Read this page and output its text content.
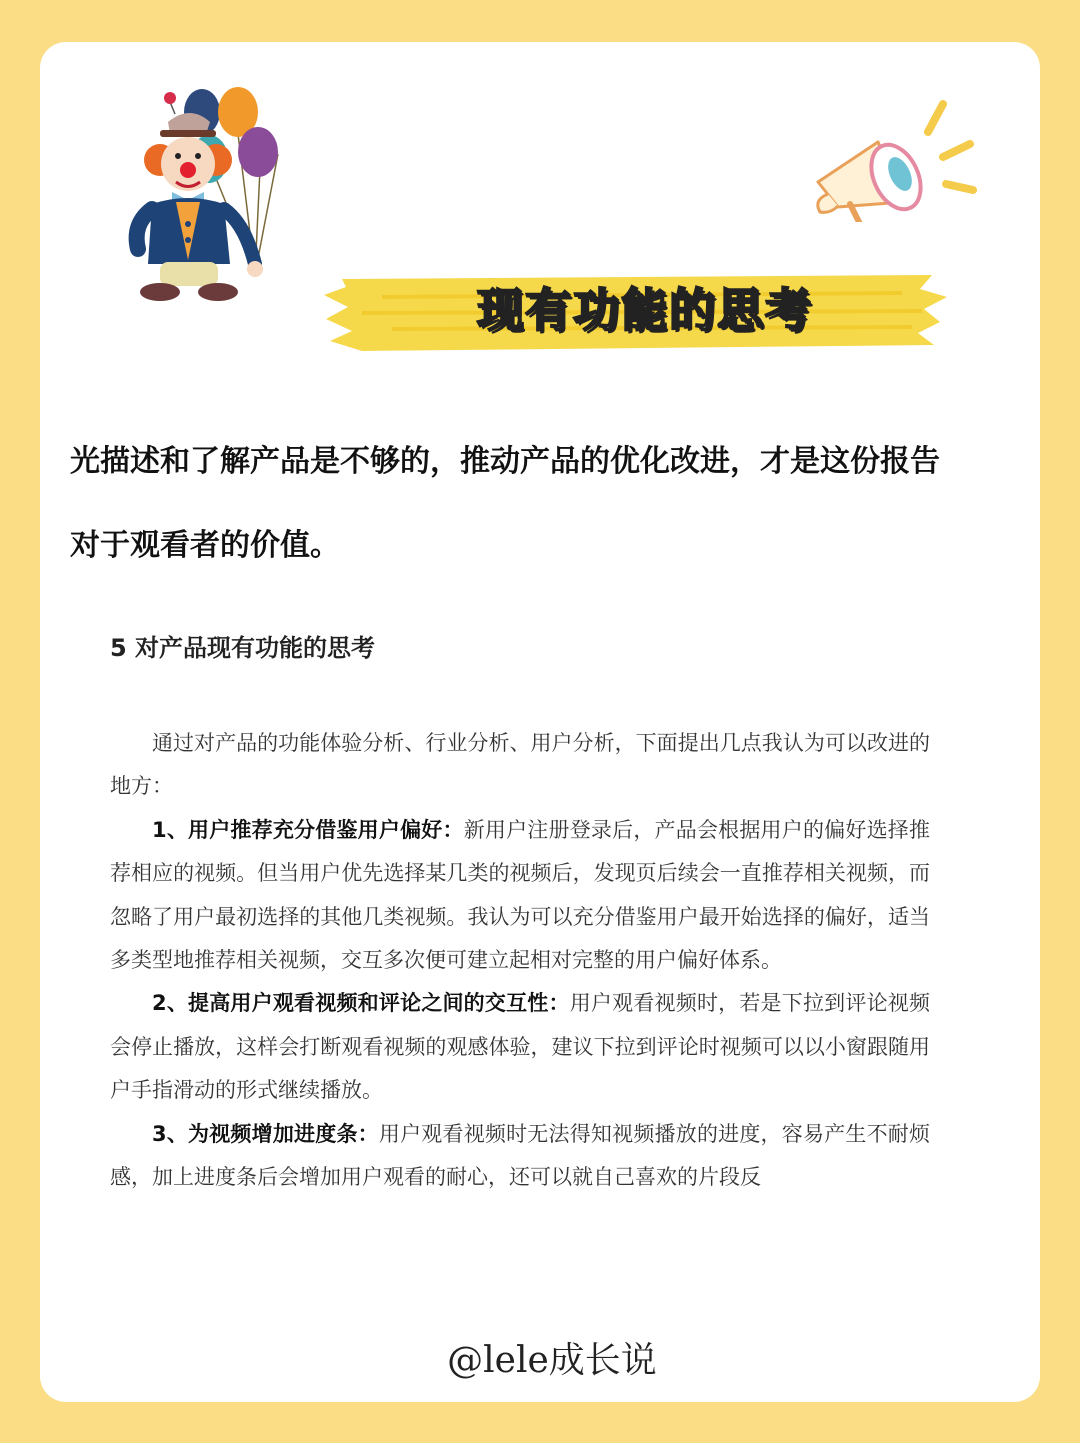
现有功能的思考

光描述和了解产品是不够的，推动产品的优化改进，才是这份报告
对于观看者的价值。

5 对产品现有功能的思考

通过对产品的功能体验分析、行业分析、用户分析，下面提出几点我认为可以改进的地方：

1、用户推荐充分借鉴用户偏好：新用户注册登录后，产品会根据用户的偏好选择推荐相应的视频。但当用户优先选择某几类的视频后，发现页后续会一直推荐相关视频，而忽略了用户最初选择的其他几类视频。我认为可以充分借鉴用户最开始选择的偏好，适当多类型地推荐相关视频，交互多次便可建立起相对完整的用户偏好体系。

2、提高用户观看视频和评论之间的交互性：用户观看视频时，若是下拉到评论视频会停止播放，这样会打断观看视频的观感体验，建议下拉到评论时视频可以以小窗跟随用户手指滑动的形式继续播放。

3、为视频增加进度条：用户观看视频时无法得知视频播放的进度，容易产生不耐烦感，加上进度条后会增加用户观看的耐心，还可以就自己喜欢的片段反

@lele成长说
